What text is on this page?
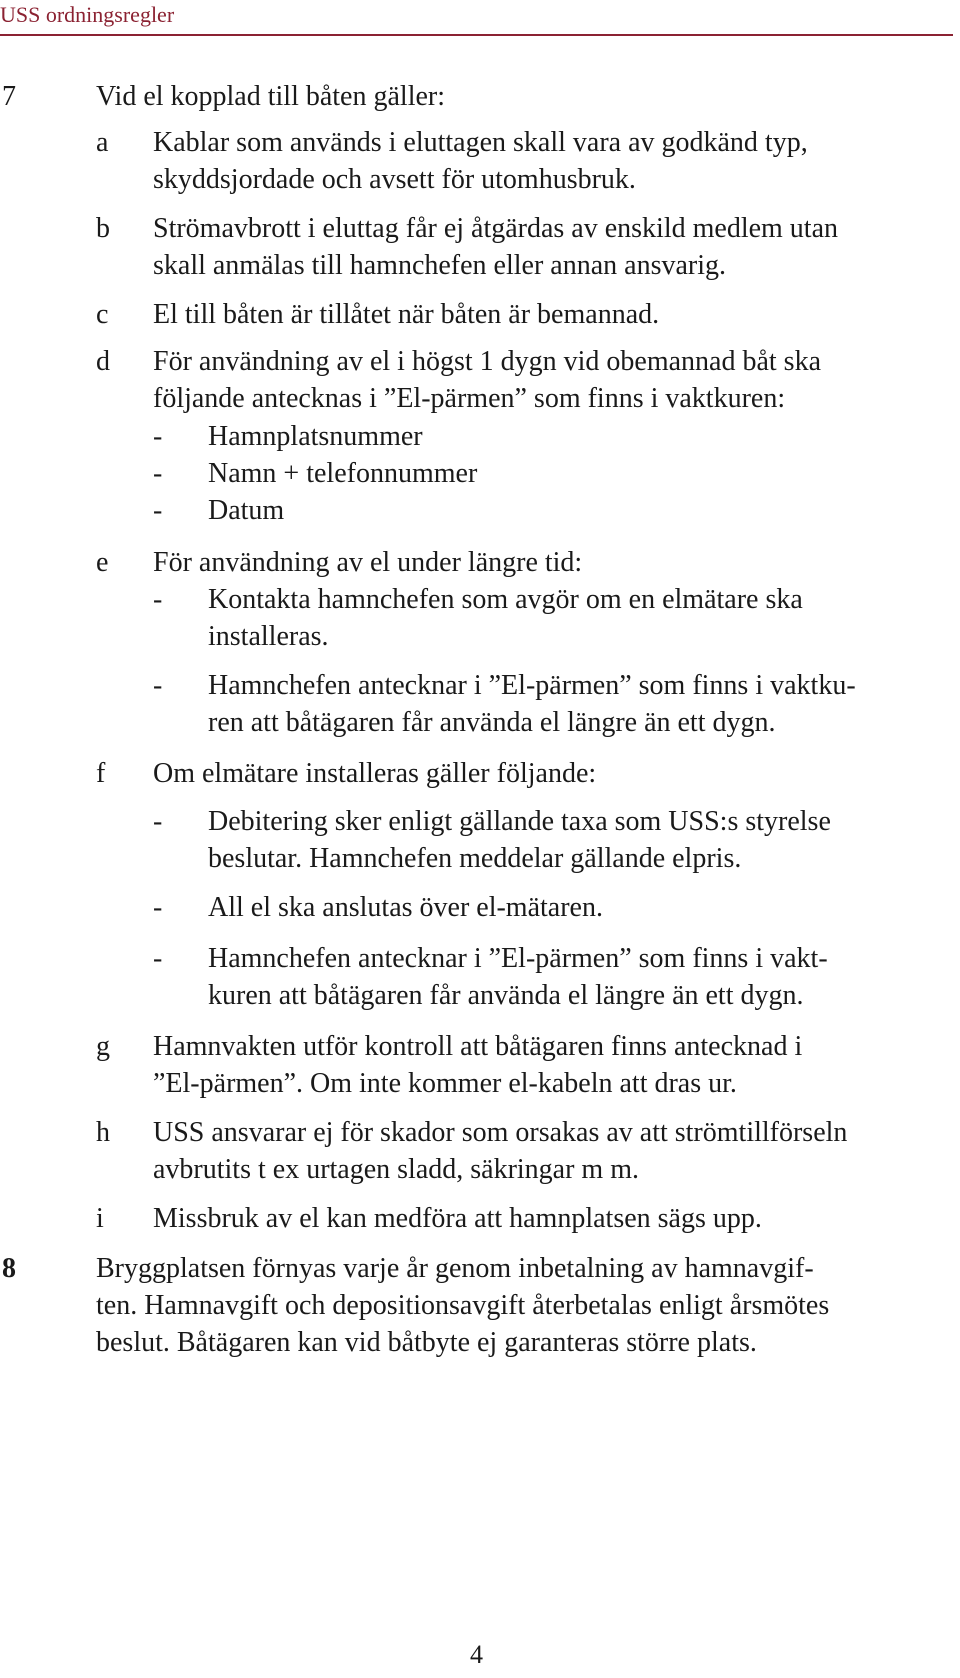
USS ordningsregler
7	Vid el kopplad till båten gäller:
a Kablar som används i eluttagen skall vara av godkänd typ,
skyddsjordade och avsett för utomhusbruk.
b Strömavbrott i eluttag får ej åtgärdas av enskild medlem utan
skall anmälas till hamnchefen eller annan ansvarig.
c El till båten är tillåtet när båten är bemannad.
d För användning av el i högst 1 dygn vid obemannad båt ska
följande antecknas i ”El-pärmen” som finns i vaktkuren:
- Hamnplatsnummer
- Namn + telefonnummer
- Datum
e För användning av el under längre tid:
- Kontakta hamnchefen som avgör om en elmätare ska
installeras.
- Hamnchefen antecknar i ”El-pärmen” som finns i vaktku-
ren att båtägaren får använda el längre än ett dygn.
f Om elmätare installeras gäller följande:
- Debitering sker enligt gällande taxa som USS:s styrelse
beslutar. Hamnchefen meddelar gällande elpris.
- All el ska anslutas över el-mätaren.
- Hamnchefen antecknar i ”El-pärmen” som finns i vakt-
kuren att båtägaren får använda el längre än ett dygn.
g Hamnvakten utför kontroll att båtägaren finns antecknad i
”El-pärmen”. Om inte kommer el-kabeln att dras ur.
h USS ansvarar ej för skador som orsakas av att strömtillförseln
avbrutits t ex urtagen sladd, säkringar m m.
i Missbruk av el kan medföra att hamnplatsen sägs upp.
8	Bryggplatsen förnyas varje år genom inbetalning av hamnavgif-
ten. Hamnavgift och depositionsavgift återbetalas enligt årsmötes
beslut. Båtägaren kan vid båtbyte ej garanteras större plats.
4
